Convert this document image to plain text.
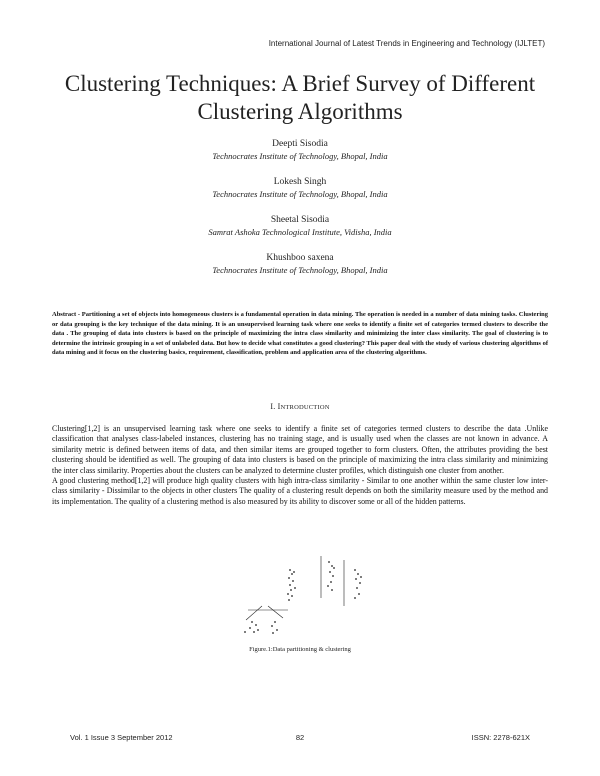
International Journal of Latest Trends in Engineering and Technology (IJLTET)
Clustering Techniques: A Brief Survey of Different
Clustering Algorithms
Deepti Sisodia
Technocrates Institute of Technology, Bhopal, India
Lokesh Singh
Technocrates Institute of Technology, Bhopal, India
Sheetal Sisodia
Samrat Ashoka Technological Institute, Vidisha, India
Khushboo saxena
Technocrates Institute of Technology, Bhopal, India
Abstract - Partitioning a set of objects into homogeneous clusters is a fundamental operation in data mining. The operation is needed in a number of data mining tasks. Clustering or data grouping is the key technique of the data mining. It is an unsupervised learning task where one seeks to identify a finite set of categories termed clusters to describe the data . The grouping of data into clusters is based on the principle of maximizing the intra class similarity and minimizing the inter class similarity. The goal of clustering is to determine the intrinsic grouping in a set of unlabeled data. But how to decide what constitutes a good clustering? This paper deal with the study of various clustering algorithms of data mining and it focus on the clustering basics, requirement, classification, problem and application area of the clustering algorithms.
I. INTRODUCTION

Clustering[1,2] is an unsupervised learning task where one seeks to identify a finite set of categories termed clusters to describe the data .Unlike classification that analyses class-labeled instances, clustering has no training stage, and is usually used when the classes are not known in advance. A similarity metric is defined between items of data, and then similar items are grouped together to form clusters. Often, the attributes providing the best clustering should be identified as well. The grouping of data into clusters is based on the principle of maximizing the intra class similarity and minimizing the inter class similarity. Properties about the clusters can be analyzed to determine cluster profiles, which distinguish one cluster from another.

A good clustering method[1,2] will produce high quality clusters with high intra-class similarity - Similar to one another within the same cluster low inter-class similarity - Dissimilar to the objects in other clusters The quality of a clustering result depends on both the similarity measure used by the method and its implementation. The quality of a clustering method is also measured by its ability to discover some or all of the hidden patterns.

Figure.1:Data partitioning & clustering
Vol. 1 Issue 3 September 2012	82	ISSN: 2278-621X
